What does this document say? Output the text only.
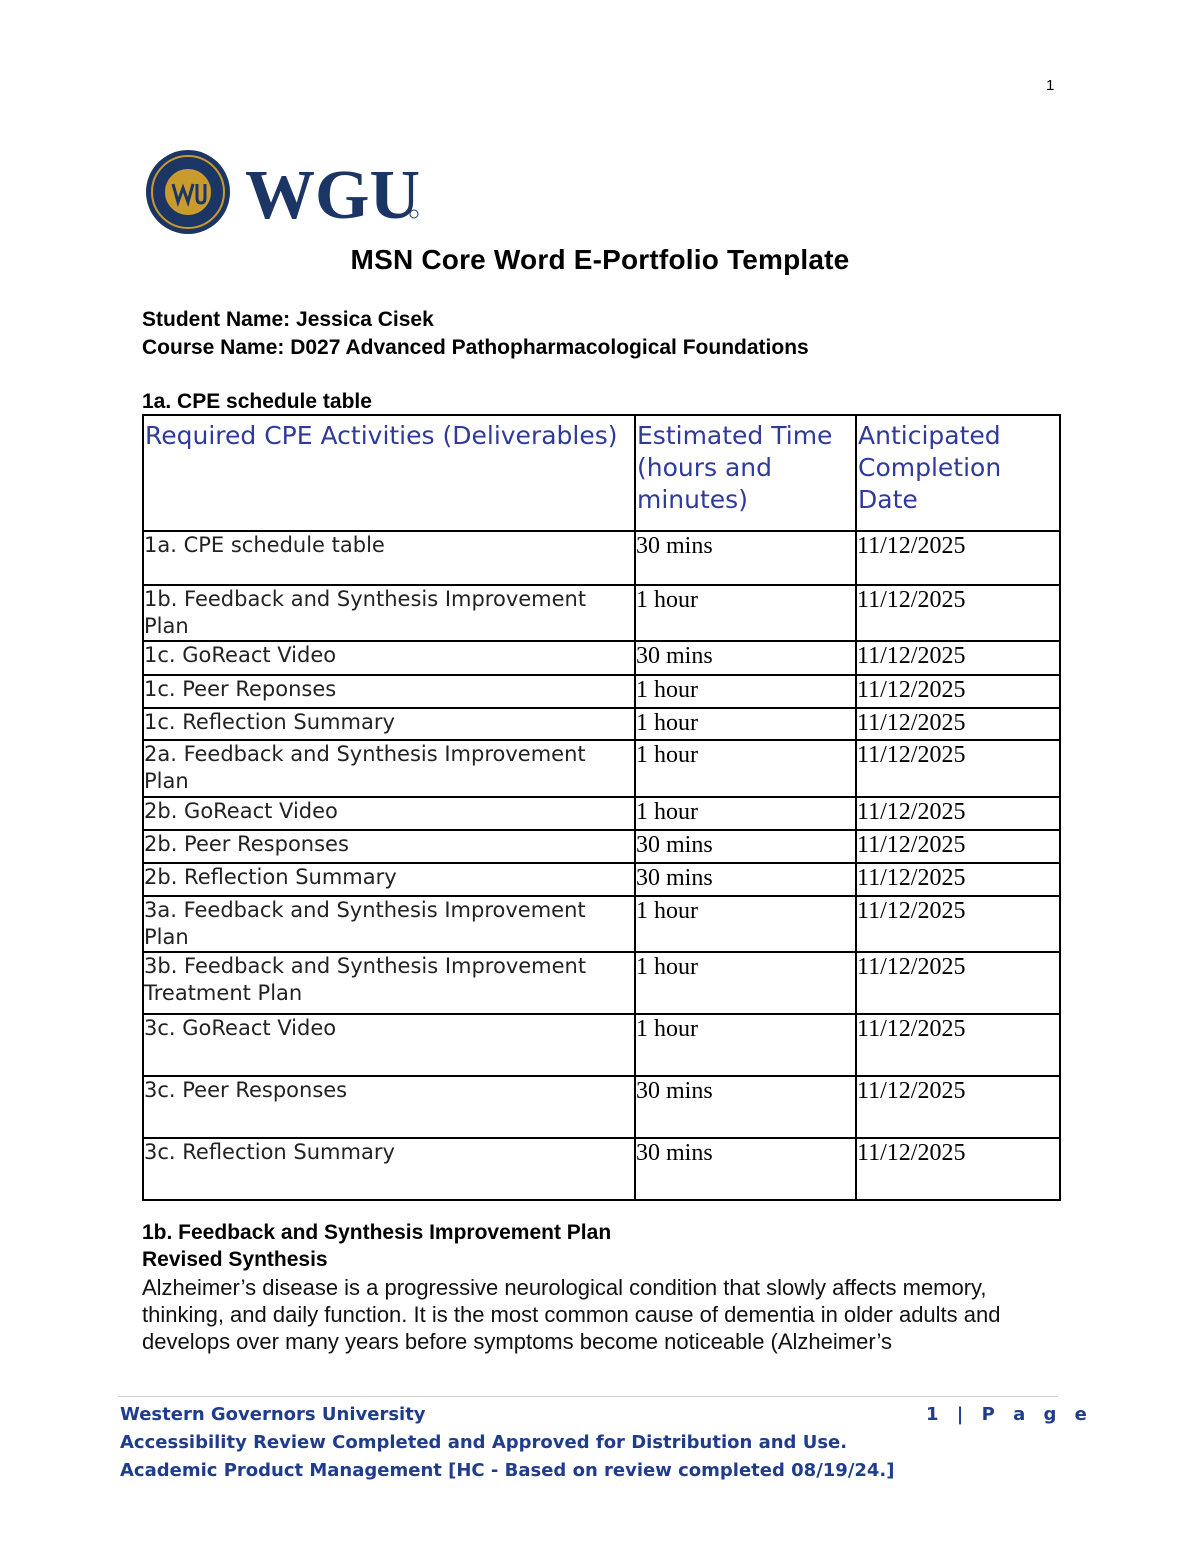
1
WGU
MSN Core Word E-Portfolio Template
Student Name: Jessica Cisek
Course Name: D027 Advanced Pathopharmacological Foundations
1a. CPE schedule table
Required CPE Activities (Deliverables)	Estimated Time (hours and minutes)	Anticipated Completion Date
1a. CPE schedule table	30 mins	11/12/2025
1b. Feedback and Synthesis Improvement Plan	1 hour	11/12/2025
1c. GoReact Video	30 mins	11/12/2025
1c. Peer Reponses	1 hour	11/12/2025
1c. Reflection Summary	1 hour	11/12/2025
2a. Feedback and Synthesis Improvement Plan	1 hour	11/12/2025
2b. GoReact Video	1 hour	11/12/2025
2b. Peer Responses	30 mins	11/12/2025
2b. Reflection Summary	30 mins	11/12/2025
3a. Feedback and Synthesis Improvement Plan	1 hour	11/12/2025
3b. Feedback and Synthesis Improvement Treatment Plan	1 hour	11/12/2025
3c. GoReact Video	1 hour	11/12/2025
3c. Peer Responses	30 mins	11/12/2025
3c. Reflection Summary	30 mins	11/12/2025
1b. Feedback and Synthesis Improvement Plan
Revised Synthesis
Alzheimer’s disease is a progressive neurological condition that slowly affects memory, thinking, and daily function. It is the most common cause of dementia in older adults and develops over many years before symptoms become noticeable (Alzheimer’s
Western Governors University	1 | P a g e
Accessibility Review Completed and Approved for Distribution and Use.
Academic Product Management [HC - Based on review completed 08/19/24.]
